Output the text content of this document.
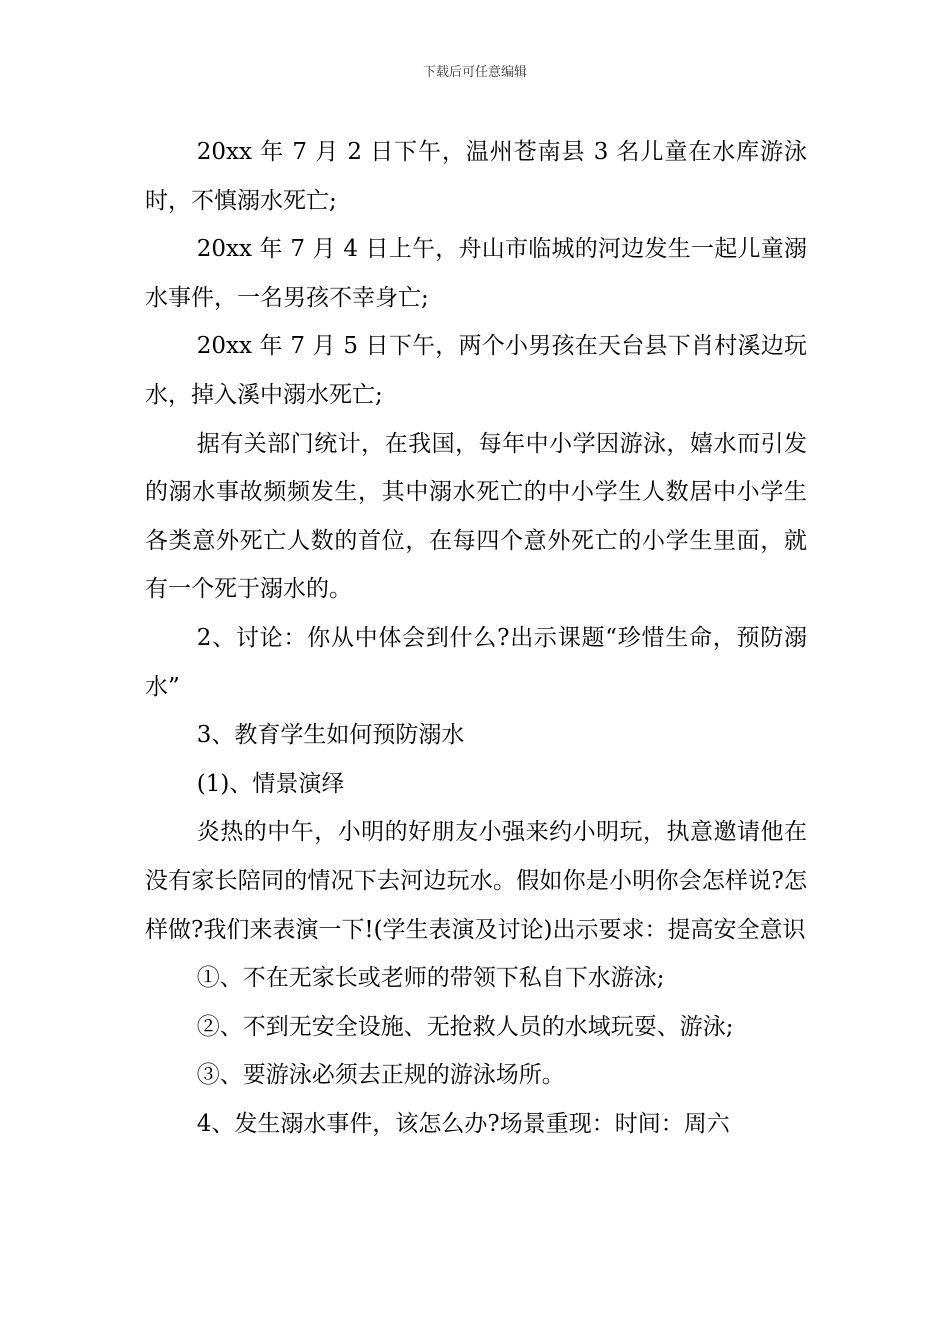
下载后可任意编辑

20xx 年 7 月 2 日下午，温州苍南县 3 名儿童在水库游泳时，不慎溺水死亡;

20xx 年 7 月 4 日上午，舟山市临城的河边发生一起儿童溺水事件，一名男孩不幸身亡;

20xx 年 7 月 5 日下午，两个小男孩在天台县下肖村溪边玩水，掉入溪中溺水死亡;

据有关部门统计，在我国，每年中小学因游泳，嬉水而引发的溺水事故频频发生，其中溺水死亡的中小学生人数居中小学生各类意外死亡人数的首位，在每四个意外死亡的小学生里面，就有一个死于溺水的。

2、讨论：你从中体会到什么?出示课题“珍惜生命，预防溺水”

3、教育学生如何预防溺水

(1)、情景演绎

炎热的中午，小明的好朋友小强来约小明玩，执意邀请他在没有家长陪同的情况下去河边玩水。假如你是小明你会怎样说?怎样做?我们来表演一下!(学生表演及讨论)出示要求：提高安全意识

①、不在无家长或老师的带领下私自下水游泳;

②、不到无安全设施、无抢救人员的水域玩耍、游泳;

③、要游泳必须去正规的游泳场所。

4、发生溺水事件，该怎么办?场景重现：时间：周六
